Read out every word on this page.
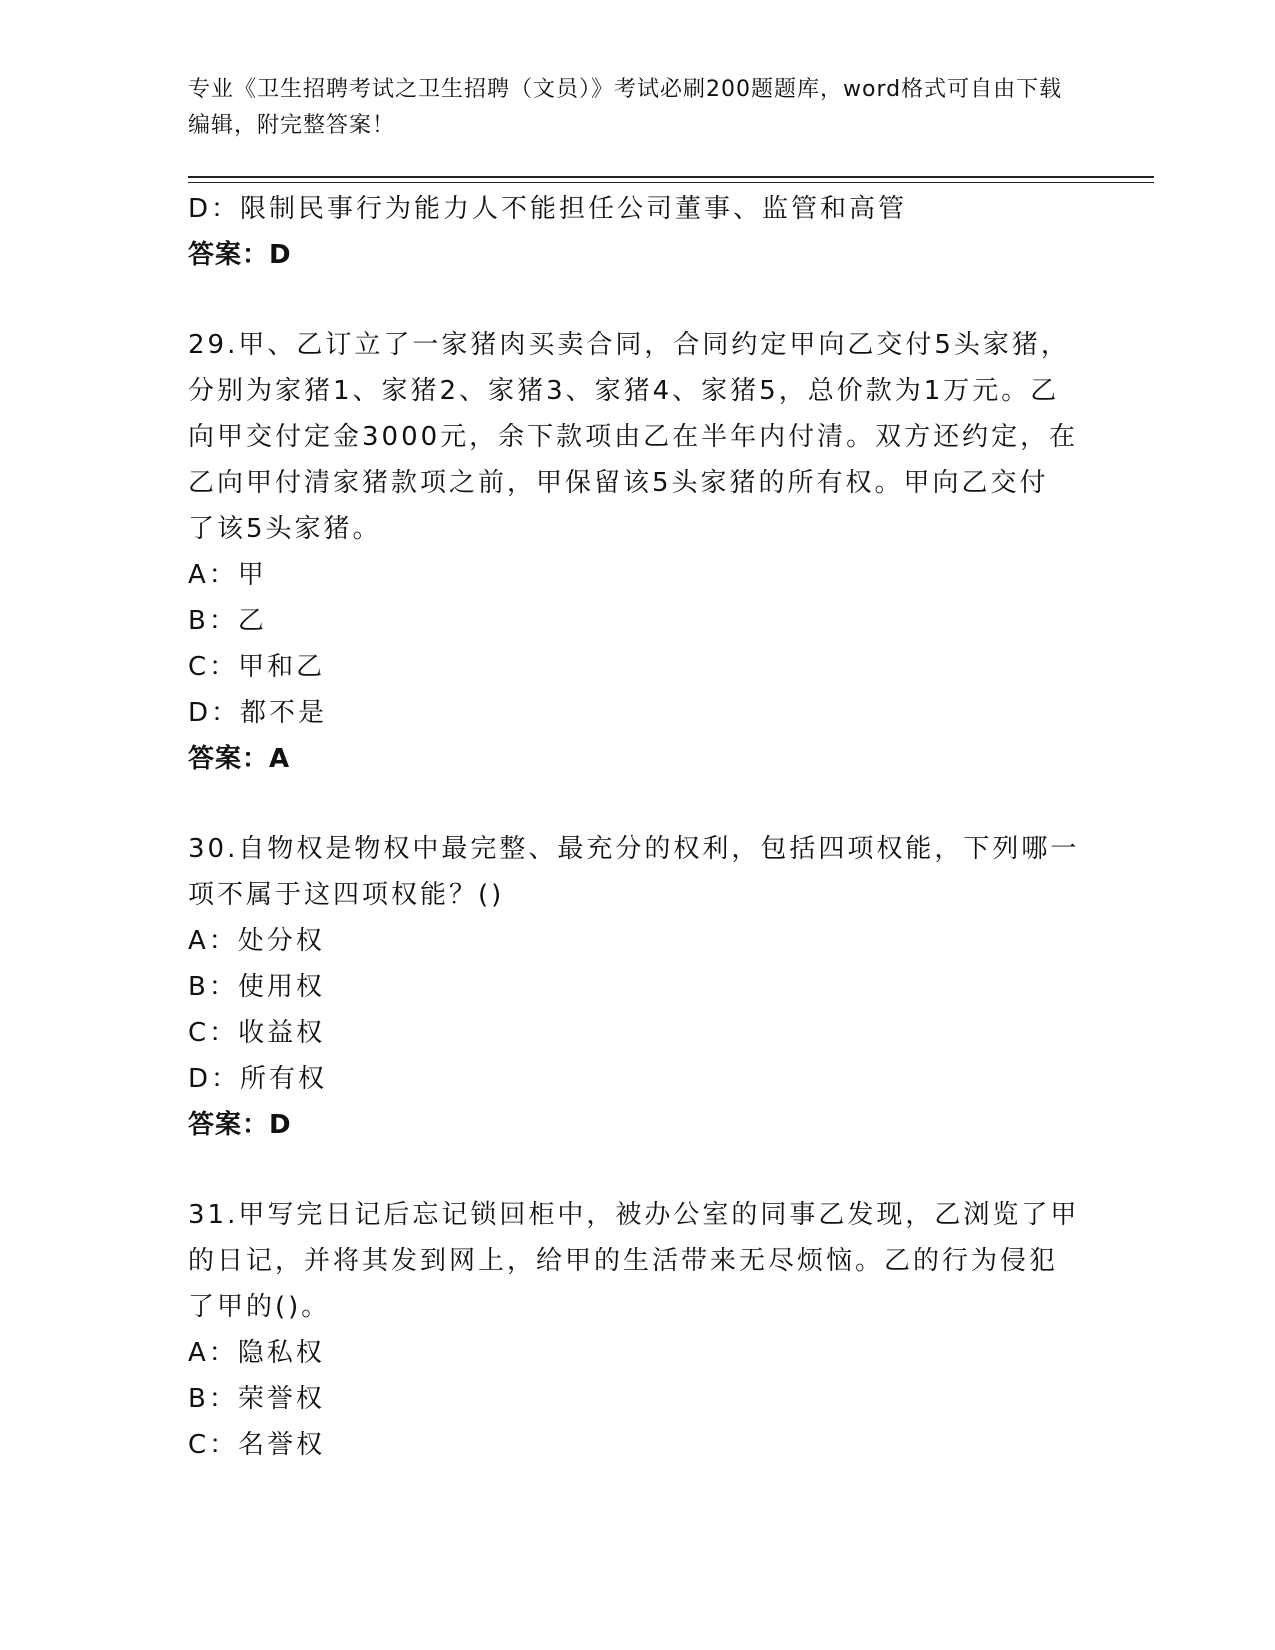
专业《卫生招聘考试之卫生招聘（文员）》考试必刷200题题库，word格式可自由下载编辑，附完整答案！
D：限制民事行为能力人不能担任公司董事、监管和高管
答案：D
29.甲、乙订立了一家猪肉买卖合同，合同约定甲向乙交付5头家猪，
分别为家猪1、家猪2、家猪3、家猪4、家猪5，总价款为1万元。乙
向甲交付定金3000元，余下款项由乙在半年内付清。双方还约定，在
乙向甲付清家猪款项之前，甲保留该5头家猪的所有权。甲向乙交付
了该5头家猪。
A：甲
B：乙
C：甲和乙
D：都不是
答案：A
30.自物权是物权中最完整、最充分的权利，包括四项权能，下列哪一
项不属于这四项权能？()
A：处分权
B：使用权
C：收益权
D：所有权
答案：D
31.甲写完日记后忘记锁回柜中，被办公室的同事乙发现，乙浏览了甲
的日记，并将其发到网上，给甲的生活带来无尽烦恼。乙的行为侵犯
了甲的()。
A：隐私权
B：荣誉权
C：名誉权
